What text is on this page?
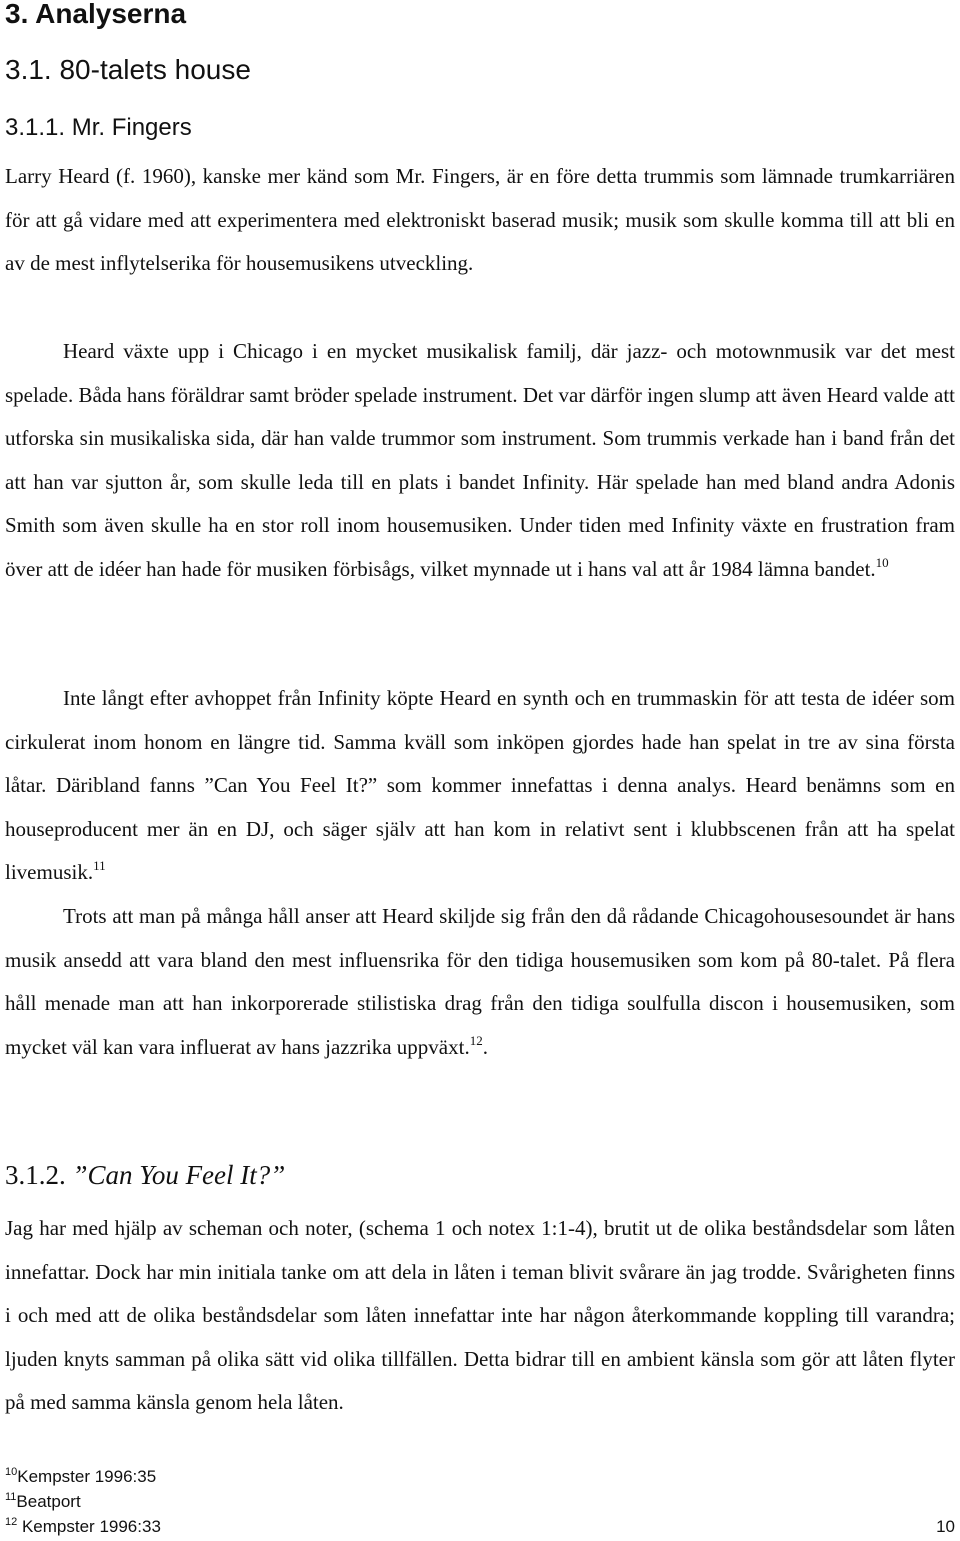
3. Analyserna
3.1. 80-talets house
3.1.1. Mr. Fingers

Larry Heard (f. 1960), kanske mer känd som Mr. Fingers, är en före detta trummis som lämnade trumkarriären för att gå vidare med att experimentera med elektroniskt baserad musik; musik som skulle komma till att bli en av de mest inflytelserika för housemusikens utveckling.

Heard växte upp i Chicago i en mycket musikalisk familj, där jazz- och motownmusik var det mest spelade. Båda hans föräldrar samt bröder spelade instrument. Det var därför ingen slump att även Heard valde att utforska sin musikaliska sida, där han valde trummor som instrument. Som trummis verkade han i band från det att han var sjutton år, som skulle leda till en plats i bandet Infinity. Här spelade han med bland andra Adonis Smith som även skulle ha en stor roll inom housemusiken. Under tiden med Infinity växte en frustration fram över att de idéer han hade för musiken förbisågs, vilket mynnade ut i hans val att år 1984 lämna bandet.$^{10}$

Inte långt efter avhoppet från Infinity köpte Heard en synth och en trummaskin för att testa de idéer som cirkulerat inom honom en längre tid. Samma kväll som inköpen gjordes hade han spelat in tre av sina första låtar. Däribland fanns ”Can You Feel It?” som kommer innefattas i denna analys. Heard benämns som en houseproducent mer än en DJ, och säger själv att han kom in relativt sent i klubbscenen från att ha spelat livemusik.$^{11}$

Trots att man på många håll anser att Heard skiljde sig från den då rådande Chicagohousesoundet är hans musik ansedd att vara bland den mest influensrika för den tidiga housemusiken som kom på 80-talet. På flera håll menade man att han inkorporerade stilistiska drag från den tidiga soulfulla discon i housemusiken, som mycket väl kan vara influerat av hans jazzrika uppväxt.$^{12}$.

3.1.2. ”Can You Feel It?”

Jag har med hjälp av scheman och noter, (schema 1 och notex 1:1-4), brutit ut de olika beståndsdelar som låten innefattar. Dock har min initiala tanke om att dela in låten i teman blivit svårare än jag trodde. Svårigheten finns i och med att de olika beståndsdelar som låten innefattar inte har någon återkommande koppling till varandra; ljuden knyts samman på olika sätt vid olika tillfällen. Detta bidrar till en ambient känsla som gör att låten flyter på med samma känsla genom hela låten.

$^{10}$Kempster 1996:35

$^{11}$Beatport

$^{12}$ Kempster 1996:33	10
